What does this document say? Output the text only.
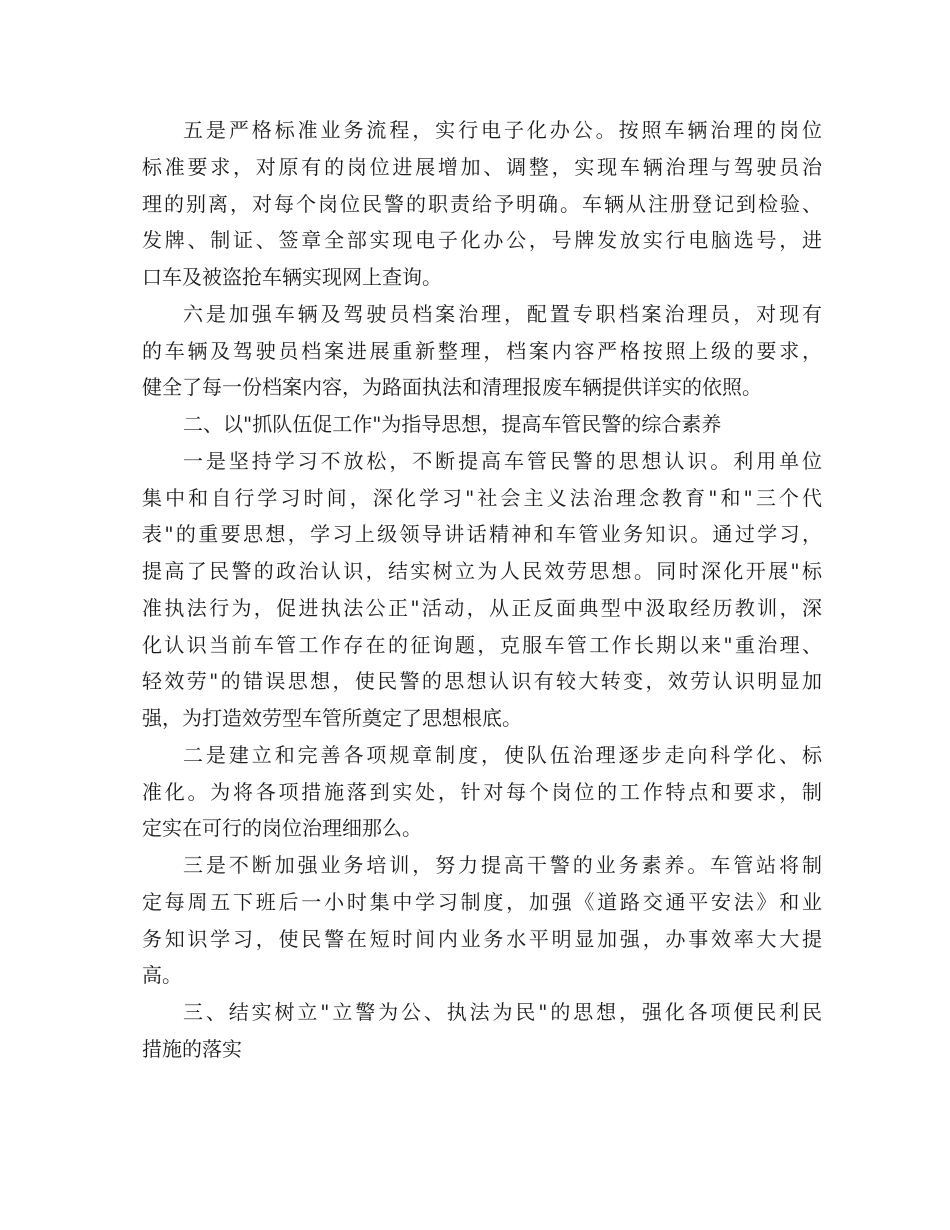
五是严格标准业务流程，实行电子化办公。按照车辆治理的岗位
标准要求，对原有的岗位进展增加、调整，实现车辆治理与驾驶员治
理的别离，对每个岗位民警的职责给予明确。车辆从注册登记到检验、
发牌、制证、签章全部实现电子化办公，号牌发放实行电脑选号，进
口车及被盗抢车辆实现网上查询。
六是加强车辆及驾驶员档案治理，配置专职档案治理员，对现有
的车辆及驾驶员档案进展重新整理，档案内容严格按照上级的要求，
健全了每一份档案内容，为路面执法和清理报废车辆提供详实的依照。
二、以"抓队伍促工作"为指导思想，提高车管民警的综合素养
一是坚持学习不放松，不断提高车管民警的思想认识。利用单位
集中和自行学习时间，深化学习"社会主义法治理念教育"和"三个代
表"的重要思想，学习上级领导讲话精神和车管业务知识。通过学习，
提高了民警的政治认识，结实树立为人民效劳思想。同时深化开展"标
准执法行为，促进执法公正"活动，从正反面典型中汲取经历教训，深
化认识当前车管工作存在的征询题，克服车管工作长期以来"重治理、
轻效劳"的错误思想，使民警的思想认识有较大转变，效劳认识明显加
强，为打造效劳型车管所奠定了思想根底。
二是建立和完善各项规章制度，使队伍治理逐步走向科学化、标
准化。为将各项措施落到实处，针对每个岗位的工作特点和要求，制
定实在可行的岗位治理细那么。
三是不断加强业务培训，努力提高干警的业务素养。车管站将制
定每周五下班后一小时集中学习制度，加强《道路交通平安法》和业
务知识学习，使民警在短时间内业务水平明显加强，办事效率大大提
高。
三、结实树立"立警为公、执法为民"的思想，强化各项便民利民
措施的落实
